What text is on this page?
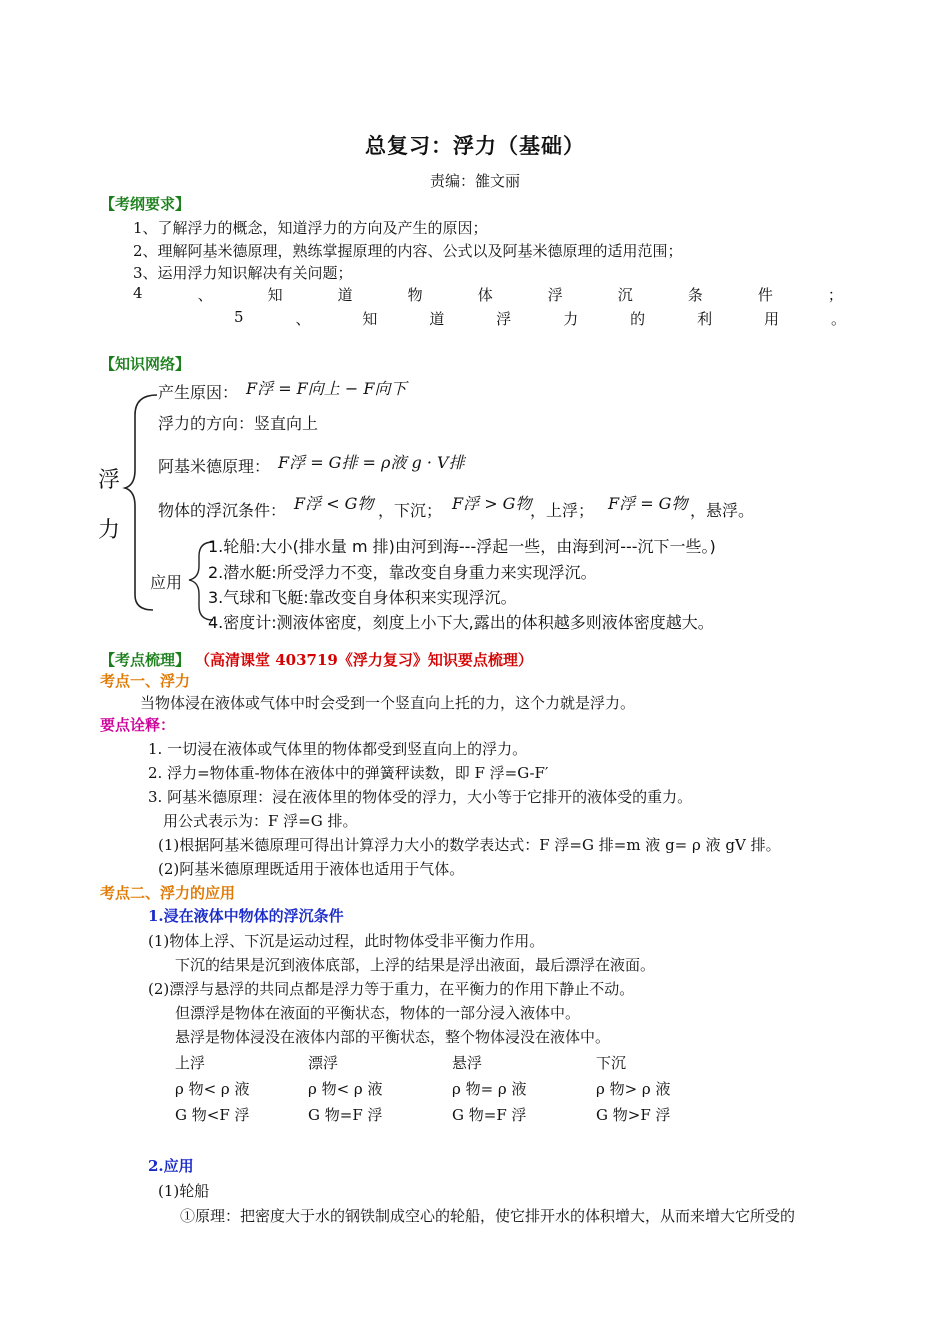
总复习：浮力（基础）
责编：雒文丽
【考纲要求】
1、了解浮力的概念，知道浮力的方向及产生的原因；
2、理解阿基米德原理，熟练掌握原理的内容、公式以及阿基米德原理的适用范围；
3、运用浮力知识解决有关问题；
4	、	知	道	物	体	浮	沉	条	件	；
5	、	知	道	浮	力	的	利	用	。
【知识网络】
浮
力
产生原因： F浮 = F向上 − F向下
浮力的方向：竖直向上
阿基米德原理： F浮 = G排 = ρ液 g · V排
物体的浮沉条件： F浮 < G物 ，下沉； F浮 > G物
，上浮； F浮 = G物 ，悬浮。
应用
1.轮船:大小(排水量 m 排)由河到海---浮起一些，由海到河---沉下一些。)
2.潜水艇:所受浮力不变，靠改变自身重力来实现浮沉。
3.气球和飞艇:靠改变自身体积来实现浮沉。
4.密度计:测液体密度，刻度上小下大,露出的体积越多则液体密度越大。
【考点梳理】 （高清课堂 403719《浮力复习》知识要点梳理）
考点一、浮力
当物体浸在液体或气体中时会受到一个竖直向上托的力，这个力就是浮力。
要点诠释：
1. 一切浸在液体或气体里的物体都受到竖直向上的浮力。
2. 浮力=物体重-物体在液体中的弹簧秤读数，即 F 浮=G-F′
3. 阿基米德原理：浸在液体里的物体受的浮力，大小等于它排开的液体受的重力。
用公式表示为：F 浮=G 排。
(1)根据阿基米德原理可得出计算浮力大小的数学表达式：F 浮=G 排=m 液 g= ρ 液 gV 排。
(2)阿基米德原理既适用于液体也适用于气体。
考点二、浮力的应用
1.浸在液体中物体的浮沉条件
(1)物体上浮、下沉是运动过程，此时物体受非平衡力作用。
下沉的结果是沉到液体底部，上浮的结果是浮出液面，最后漂浮在液面。
(2)漂浮与悬浮的共同点都是浮力等于重力，在平衡力的作用下静止不动。
但漂浮是物体在液面的平衡状态，物体的一部分浸入液体中。
悬浮是物体浸没在液体内部的平衡状态，整个物体浸没在液体中。
上浮	漂浮	悬浮	下沉
ρ 物< ρ 液	ρ 物< ρ 液	ρ 物= ρ 液	ρ 物> ρ 液
G 物<F 浮	G 物=F 浮	G 物=F 浮	G 物>F 浮
2.应用
(1)轮船
①原理：把密度大于水的钢铁制成空心的轮船，使它排开水的体积增大，从而来增大它所受的
